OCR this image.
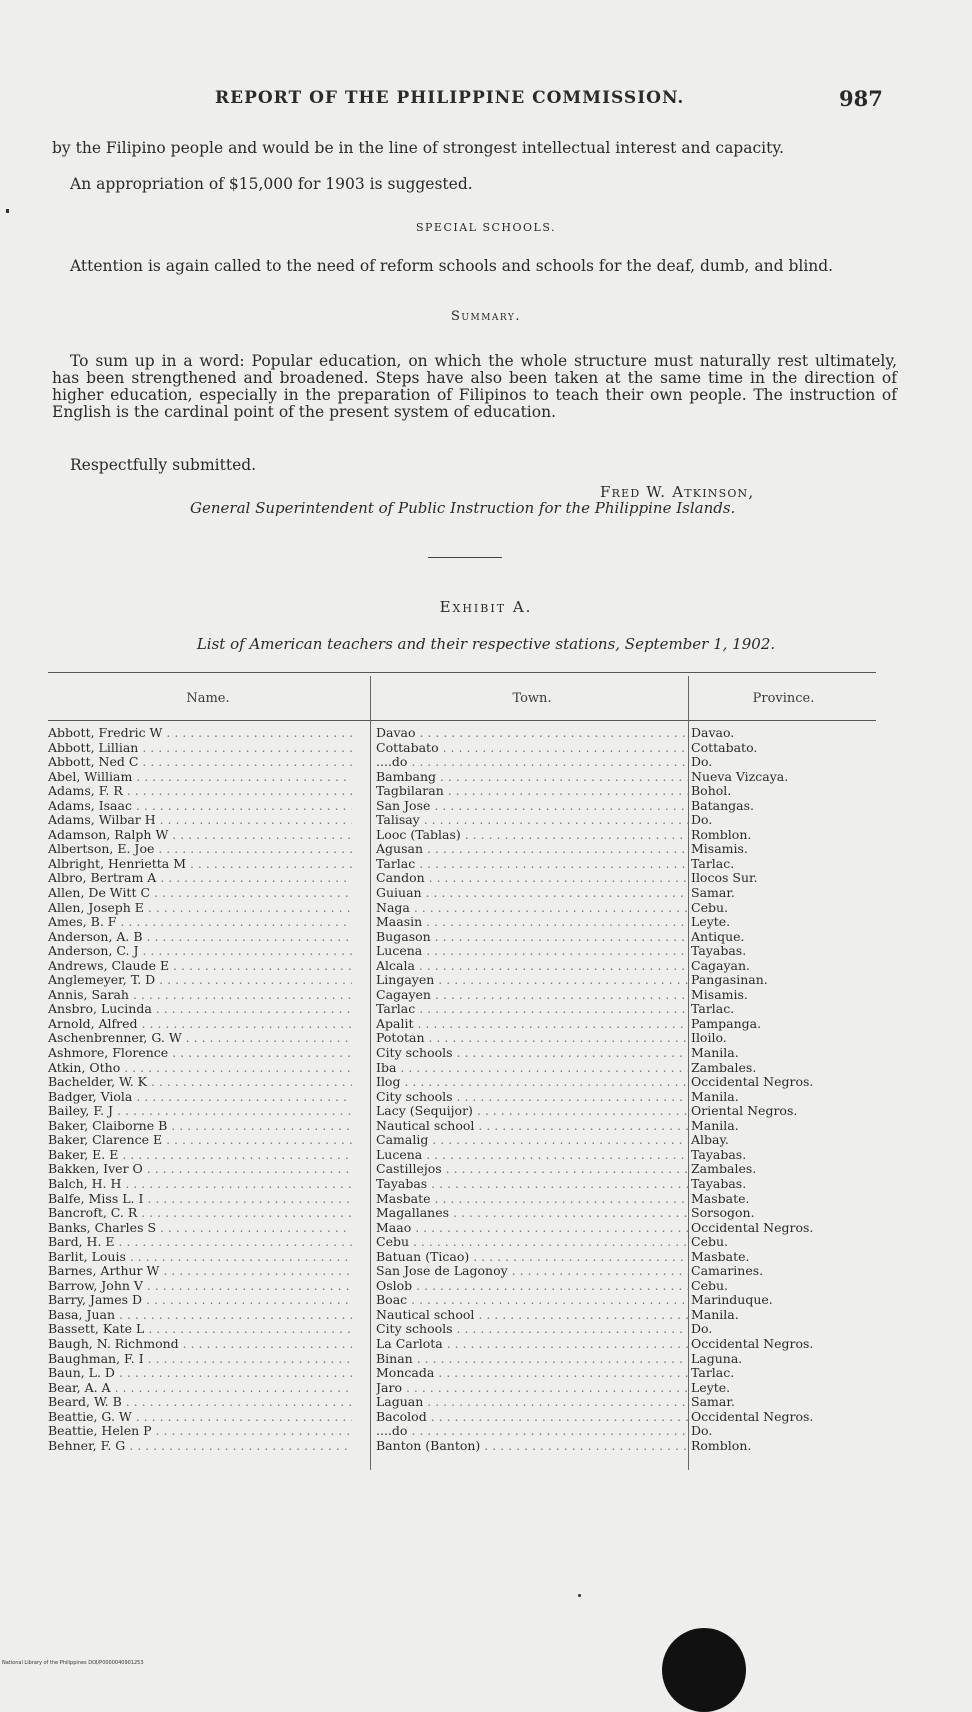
REPORT OF THE PHILIPPINE COMMISSION.	987
by the Filipino people and would be in the line of strongest intellectual interest and capacity.
An appropriation of $15,000 for 1903 is suggested.
SPECIAL SCHOOLS.
Attention is again called to the need of reform schools and schools for the deaf, dumb, and blind.
Summary.
To sum up in a word: Popular education, on which the whole structure must naturally rest ultimately, has been strengthened and broadened. Steps have also been taken at the same time in the direction of higher education, especially in the preparation of Filipinos to teach their own people. The instruction of English is the cardinal point of the present system of education.
Respectfully submitted.
Fred W. Atkinson,
General Superintendent of Public Instruction for the Philippine Islands.
Exhibit A.
List of American teachers and their respective stations, September 1, 1902.
Name.	Town.	Province.
Abbott, Fredric W . . .	Davao . . .	Davao.
Abbott, Lillian . . .	Cottabato . . .	Cottabato.
Abbott, Ned C . . .	....do . . .	Do.
Abel, William . . .	Bambang . . .	Nueva Vizcaya.
Adams, F. R . . .	Tagbilaran . . .	Bohol.
Adams, Isaac . . .	San Jose . . .	Batangas.
Adams, Wilbar H . . .	Talisay . . .	Do.
Adamson, Ralph W . . .	Looc (Tablas) . . .	Romblon.
Albertson, E. Joe . . .	Agusan . . .	Misamis.
Albright, Henrietta M . . .	Tarlac . . .	Tarlac.
Albro, Bertram A . . .	Candon . . .	Ilocos Sur.
Allen, De Witt C . . .	Guiuan . . .	Samar.
Allen, Joseph E . . .	Naga . . .	Cebu.
Ames, B. F . . .	Maasin . . .	Leyte.
Anderson, A. B . . .	Bugason . . .	Antique.
Anderson, C. J . . .	Lucena . . .	Tayabas.
Andrews, Claude E . . .	Alcala . . .	Cagayan.
Anglemeyer, T. D . . .	Lingayen . . .	Pangasinan.
Annis, Sarah . . .	Cagayen . . .	Misamis.
Ansbro, Lucinda . . .	Tarlac . . .	Tarlac.
Arnold, Alfred . . .	Apalit . . .	Pampanga.
Aschenbrenner, G. W . . .	Pototan . . .	Iloilo.
Ashmore, Florence . . .	City schools . . .	Manila.
Atkin, Otho . . .	Iba . . .	Zambales.
Bachelder, W. K . . .	Ilog . . .	Occidental Negros.
Badger, Viola . . .	City schools . . .	Manila.
Bailey, F. J . . .	Lacy (Sequijor) . . .	Oriental Negros.
Baker, Claiborne B . . .	Nautical school . . .	Manila.
Baker, Clarence E . . .	Camalig . . .	Albay.
Baker, E. E . . .	Lucena . . .	Tayabas.
Bakken, Iver O . . .	Castillejos . . .	Zambales.
Balch, H. H . . .	Tayabas . . .	Tayabas.
Balfe, Miss L. I . . .	Masbate . . .	Masbate.
Bancroft, C. R . . .	Magallanes . . .	Sorsogon.
Banks, Charles S . . .	Maao . . .	Occidental Negros.
Bard, H. E . . .	Cebu . . .	Cebu.
Barlit, Louis . . .	Batuan (Ticao) . . .	Masbate.
Barnes, Arthur W . . .	San Jose de Lagonoy . . .	Camarines.
Barrow, John V . . .	Oslob . . .	Cebu.
Barry, James D . . .	Boac . . .	Marinduque.
Basa, Juan . . .	Nautical school . . .	Manila.
Bassett, Kate L . . .	City schools . . .	Do.
Baugh, N. Richmond . . .	La Carlota . . .	Occidental Negros.
Baughman, F. I . . .	Binan . . .	Laguna.
Baun, L. D . . .	Moncada . . .	Tarlac.
Bear, A. A . . .	Jaro . . .	Leyte.
Beard, W. B . . .	Laguan . . .	Samar.
Beattie, G. W . . .	Bacolod . . .	Occidental Negros.
Beattie, Helen P . . .	....do . . .	Do.
Behner, F. G . . .	Banton (Banton) . . .	Romblon.
National Library of the Philippines DOI/P0000040901253
